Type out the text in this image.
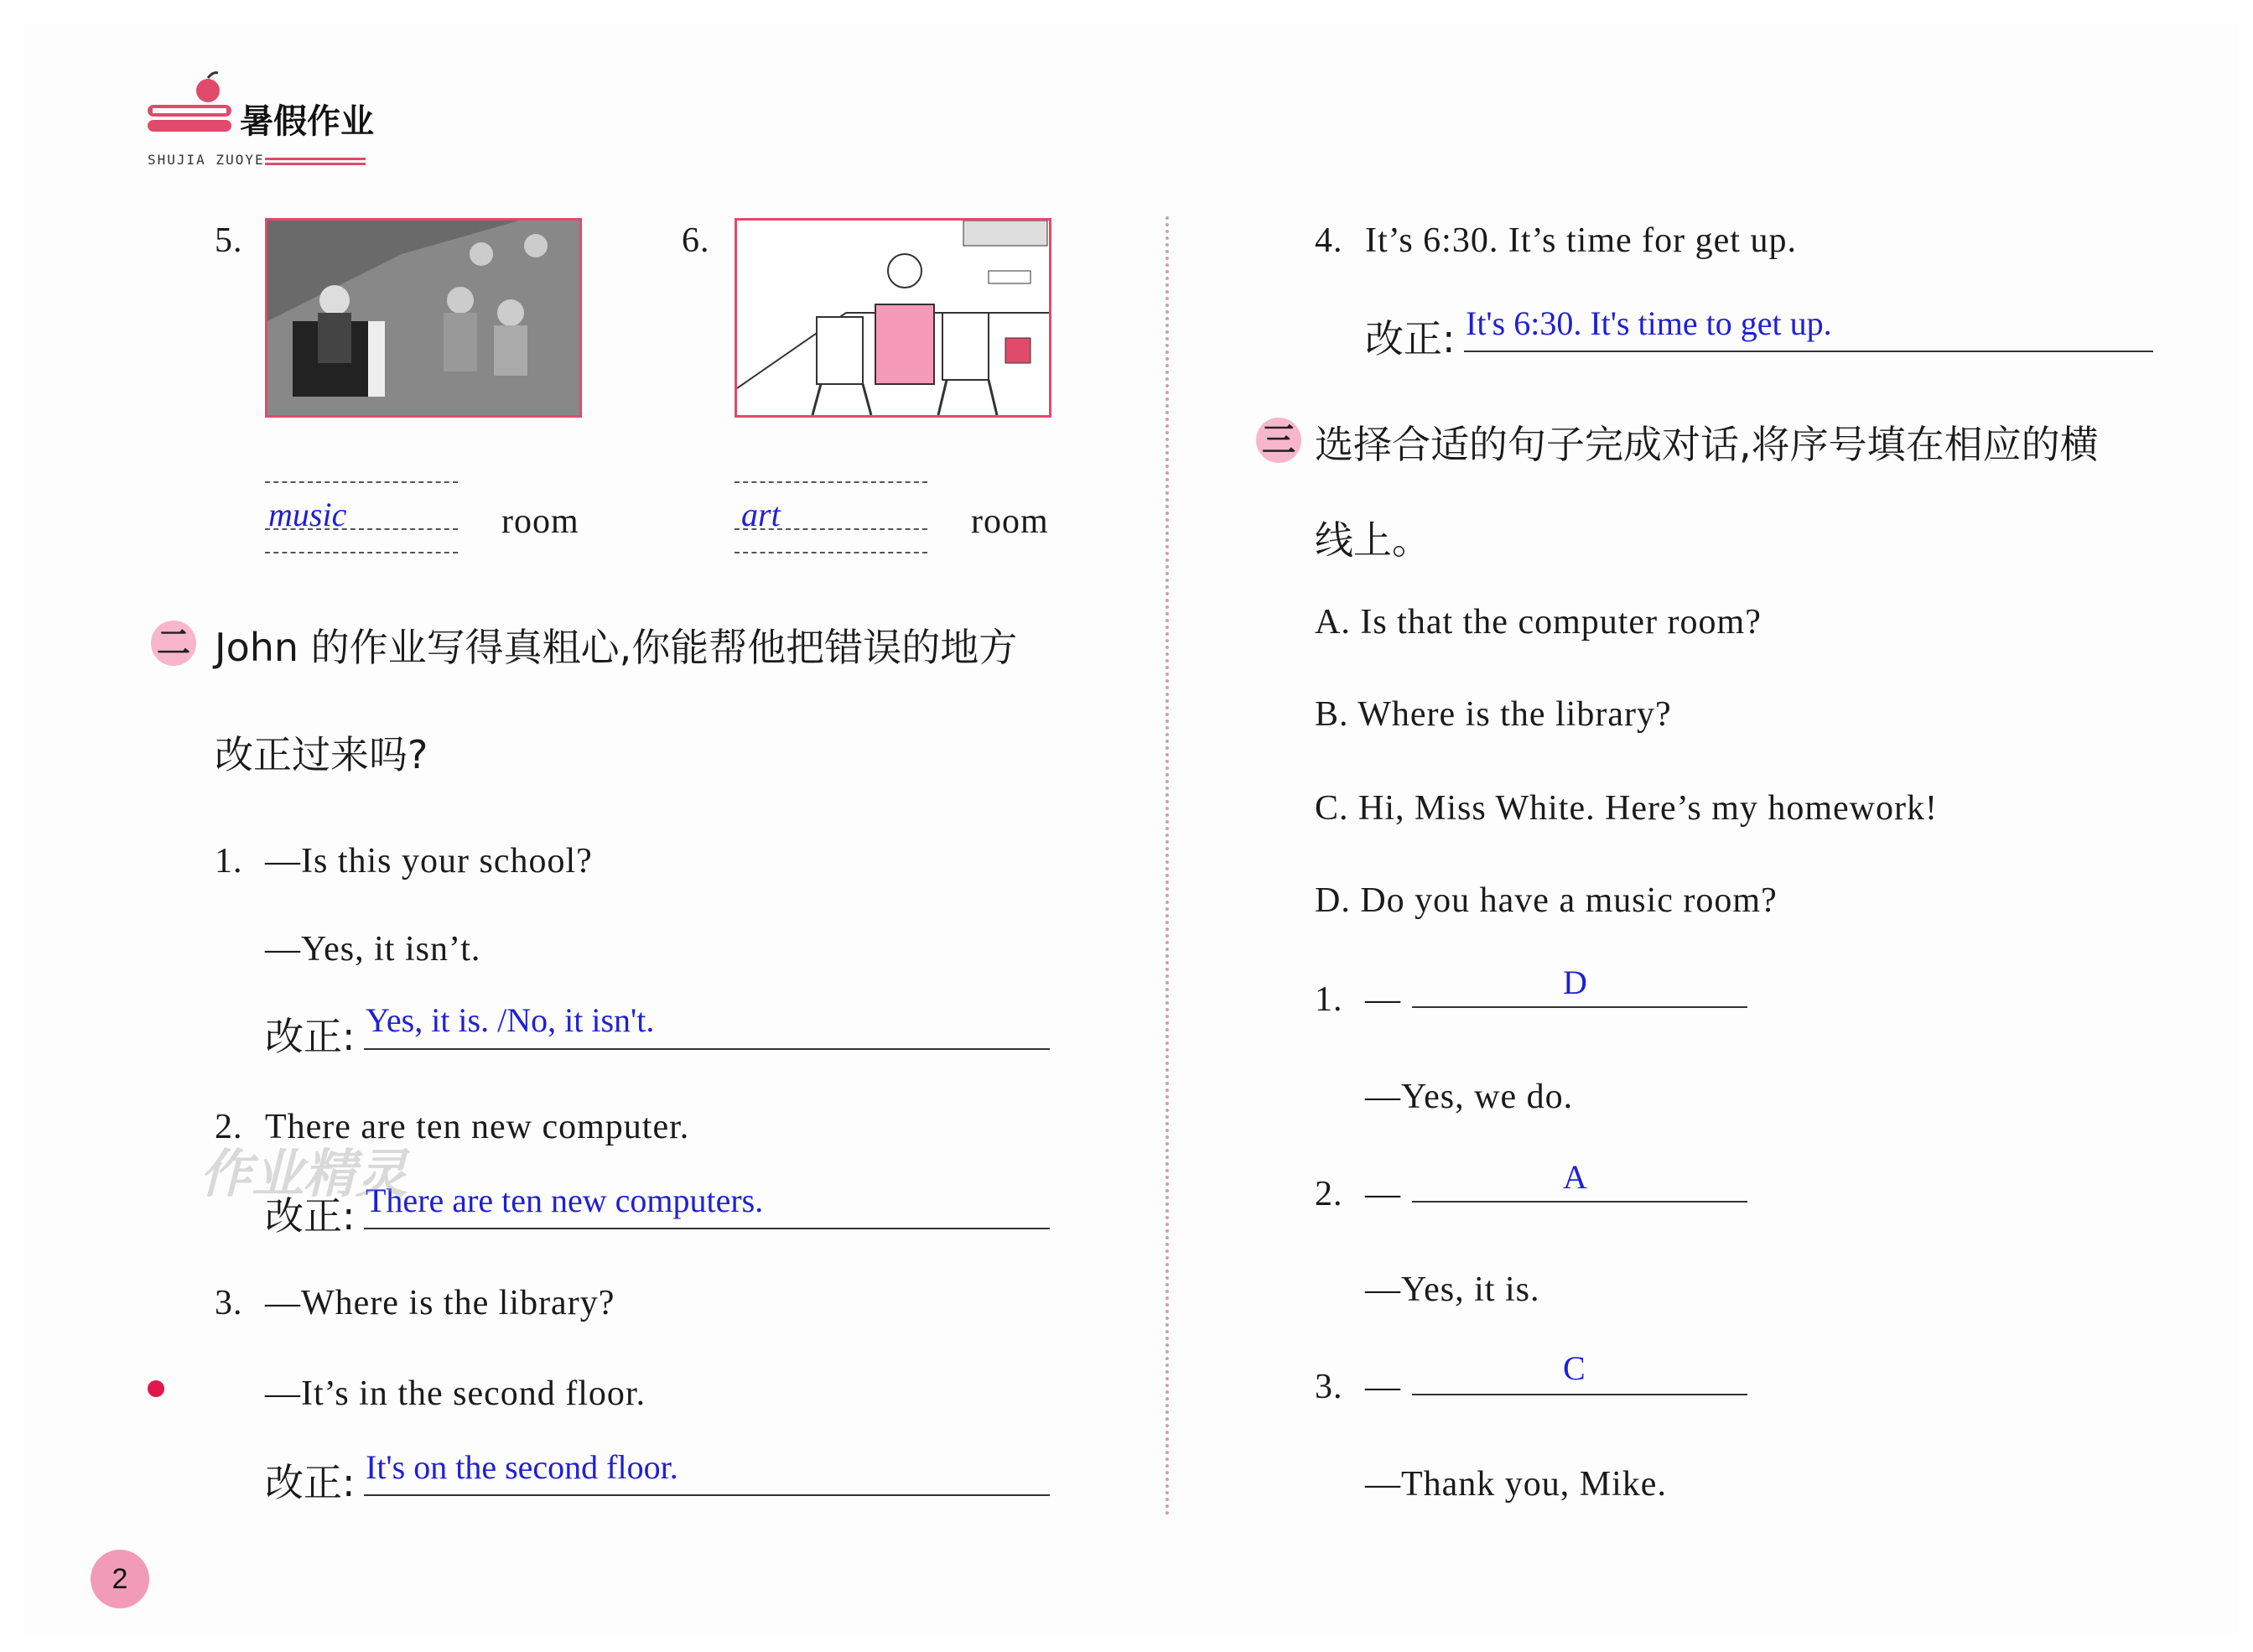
暑假作业
SHUJIA ZUOYE
5.
music	room
6.
art	room
二 John 的作业写得真粗心,你能帮他把错误的地方
改正过来吗?
1. —Is this your school?
—Yes, it isn’t.
改正: Yes, it is. /No, it isn't.
2. There are ten new computer.
改正: There are ten new computers.
作业精灵
3. —Where is the library?
—It’s in the second floor.
改正: It's on the second floor.
4. It’s 6:30. It’s time for get up.
改正: It's 6:30. It's time to get up.
三 选择合适的句子完成对话,将序号填在相应的横
线上。
A. Is that the computer room?
B. Where is the library?
C. Hi, Miss White. Here’s my homework!
D. Do you have a music room?
1. —	D
—Yes, we do.
2. —	A
—Yes, it is.
3. —	C
—Thank you, Mike.
2
